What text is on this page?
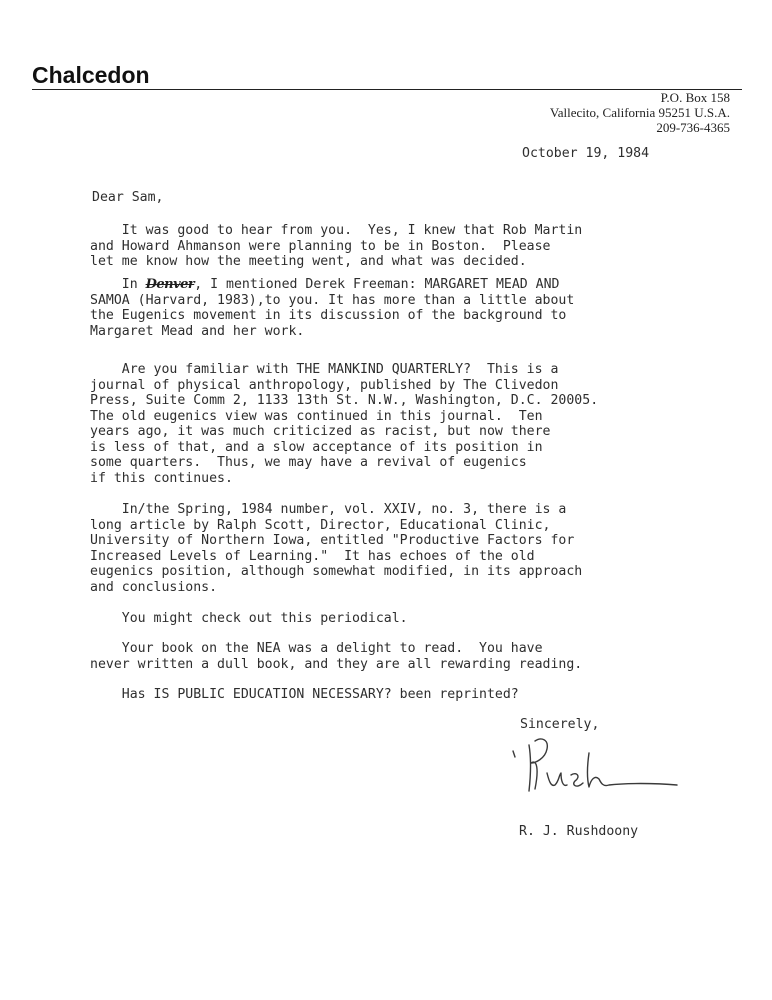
Chalcedon
P.O. Box 158
Vallecito, California 95251 U.S.A.
209-736-4365
October 19, 1984
Dear Sam,
It was good to hear from you.  Yes, I knew that Rob Martin
and Howard Ahmanson were planning to be in Boston.  Please
let me know how the meeting went, and what was decided.
In Denver, I mentioned Derek Freeman: MARGARET MEAD AND
SAMOA (Harvard, 1983),to you. It has more than a little about
the Eugenics movement in its discussion of the background to
Margaret Mead and her work.
Are you familiar with THE MANKIND QUARTERLY?  This is a
journal of physical anthropology, published by The Clivedon
Press, Suite Comm 2, 1133 13th St. N.W., Washington, D.C. 20005.
The old eugenics view was continued in this journal.  Ten
years ago, it was much criticized as racist, but now there
is less of that, and a slow acceptance of its position in
some quarters.  Thus, we may have a revival of eugenics
if this continues.
In/the Spring, 1984 number, vol. XXIV, no. 3, there is a
long article by Ralph Scott, Director, Educational Clinic,
University of Northern Iowa, entitled "Productive Factors for
Increased Levels of Learning."  It has echoes of the old
eugenics position, although somewhat modified, in its approach
and conclusions.
You might check out this periodical.
Your book on the NEA was a delight to read.  You have
never written a dull book, and they are all rewarding reading.
Has IS PUBLIC EDUCATION NECESSARY? been reprinted?
Sincerely,
R. J. Rushdoony
